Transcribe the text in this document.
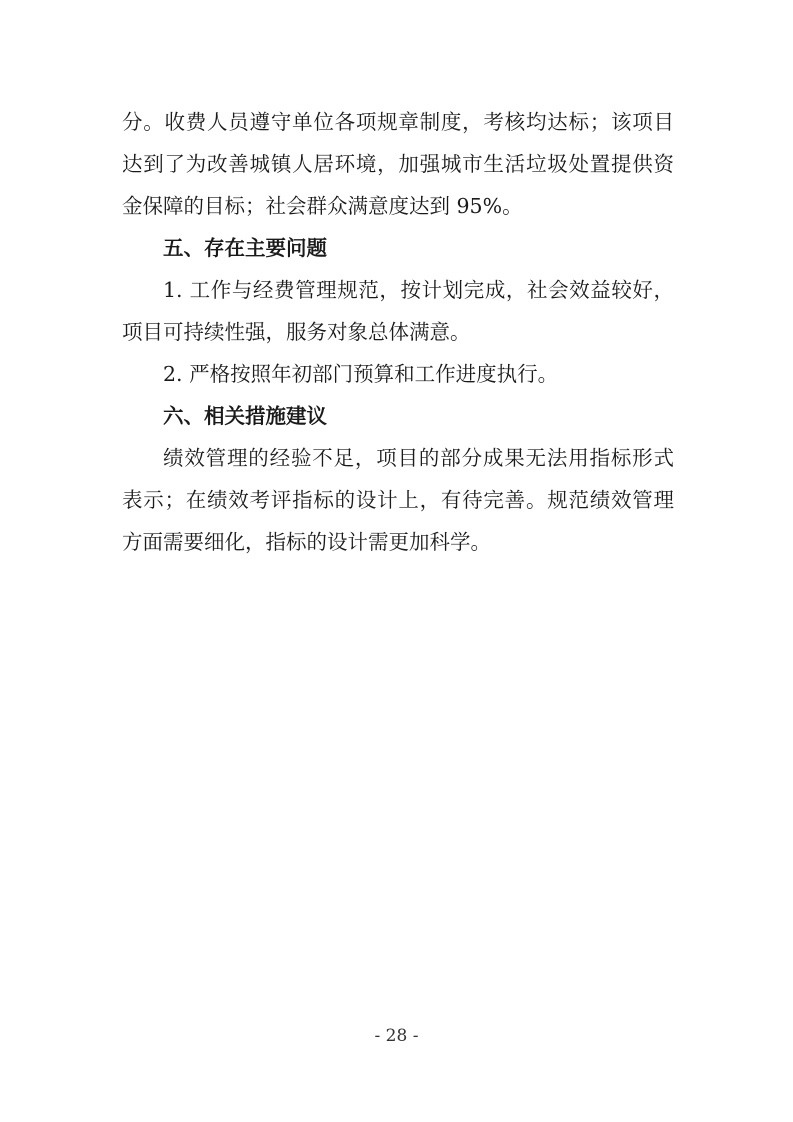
分。收费人员遵守单位各项规章制度，考核均达标；该项目
达到了为改善城镇人居环境，加强城市生活垃圾处置提供资
金保障的目标；社会群众满意度达到 95%。
五、存在主要问题
1. 工作与经费管理规范，按计划完成，社会效益较好，
项目可持续性强，服务对象总体满意。
2. 严格按照年初部门预算和工作进度执行。
六、相关措施建议
绩效管理的经验不足，项目的部分成果无法用指标形式
表示；在绩效考评指标的设计上，有待完善。规范绩效管理
方面需要细化，指标的设计需更加科学。
- 28 -
